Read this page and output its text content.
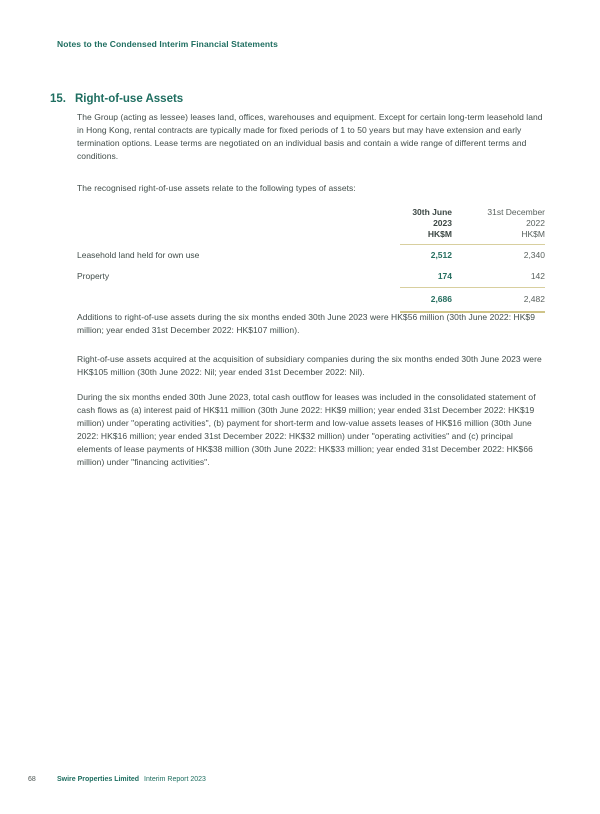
Notes to the Condensed Interim Financial Statements
15. Right-of-use Assets
The Group (acting as lessee) leases land, offices, warehouses and equipment. Except for certain long-term leasehold land in Hong Kong, rental contracts are typically made for fixed periods of 1 to 50 years but may have extension and early termination options. Lease terms are negotiated on an individual basis and contain a wide range of different terms and conditions.
The recognised right-of-use assets relate to the following types of assets:
30th June
2023
HK$M
31st December
2022
HK$M
Leasehold land held for own use	2,512	2,340
Property	174	142
2,686	2,482
Additions to right-of-use assets during the six months ended 30th June 2023 were HK$56 million (30th June 2022: HK$9 million; year ended 31st December 2022: HK$107 million).
Right-of-use assets acquired at the acquisition of subsidiary companies during the six months ended 30th June 2023 were HK$105 million (30th June 2022: Nil; year ended 31st December 2022: Nil).
During the six months ended 30th June 2023, total cash outflow for leases was included in the consolidated statement of cash flows as (a) interest paid of HK$11 million (30th June 2022: HK$9 million; year ended 31st December 2022: HK$19 million) under "operating activities", (b) payment for short-term and low-value assets leases of HK$16 million (30th June 2022: HK$16 million; year ended 31st December 2022: HK$32 million) under "operating activities" and (c) principal elements of lease payments of HK$38 million (30th June 2022: HK$33 million; year ended 31st December 2022: HK$66 million) under "financing activities".
68	Swire Properties Limited Interim Report 2023
